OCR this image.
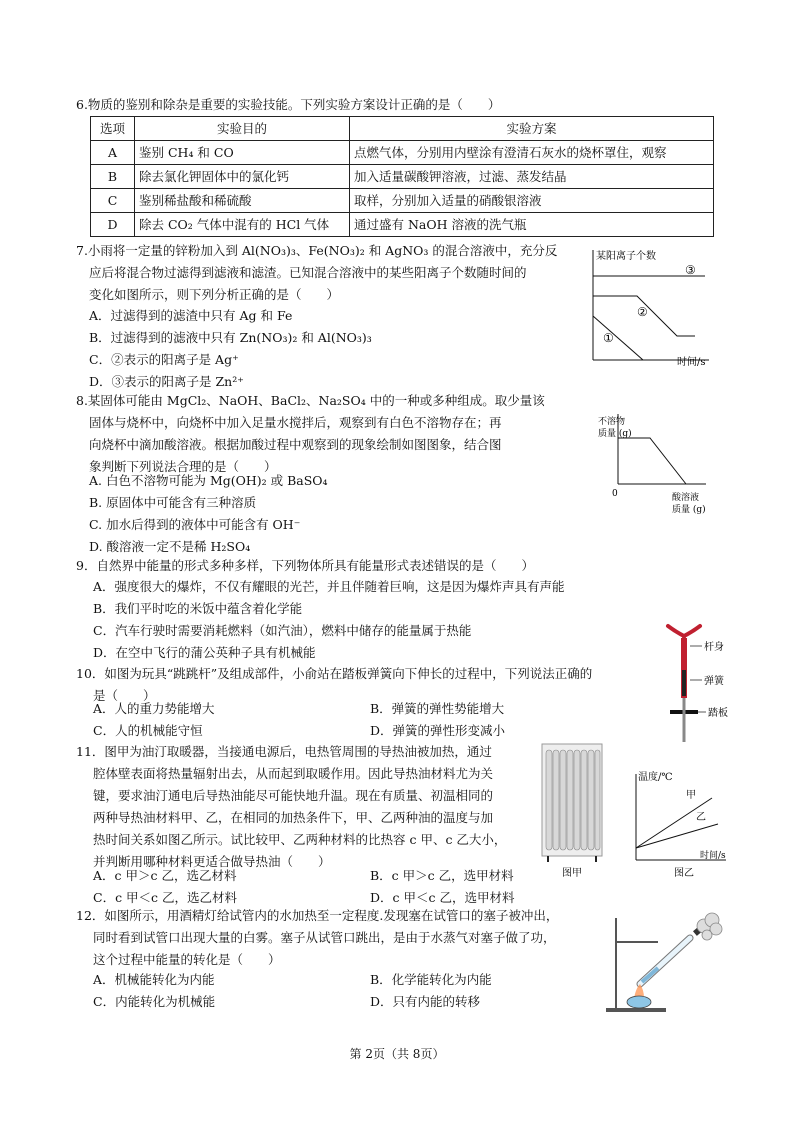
6.物质的鉴别和除杂是重要的实验技能。下列实验方案设计正确的是（　　）
选项	实验目的	实验方案
A	鉴别 CH₄ 和 CO	点燃气体，分别用内壁涂有澄清石灰水的烧杯罩住，观察
B	除去氯化钾固体中的氯化钙	加入适量碳酸钾溶液，过滤、蒸发结晶
C	鉴别稀盐酸和稀硫酸	取样，分别加入适量的硝酸银溶液
D	除去 CO₂ 气体中混有的 HCl 气体	通过盛有 NaOH 溶液的洗气瓶
7.小雨将一定量的锌粉加入到 Al(NO₃)₃、Fe(NO₃)₂ 和 AgNO₃ 的混合溶液中，充分反
应后将混合物过滤得到滤液和滤渣。已知混合溶液中的某些阳离子个数随时间的
变化如图所示，则下列分析正确的是（　　）
A．过滤得到的滤渣中只有 Ag 和 Fe
B．过滤得到的滤液中只有 Zn(NO₃)₂ 和 Al(NO₃)₃
C．②表示的阳离子是 Ag⁺
D．③表示的阳离子是 Zn²⁺
某阳离子个数
时间/s
③
②
①
8.某固体可能由 MgCl₂、NaOH、BaCl₂、Na₂SO₄ 中的一种或多种组成。取少量该
固体与烧杯中，向烧杯中加入足量水搅拌后，观察到有白色不溶物存在；再
向烧杯中滴加酸溶液。根据加酸过程中观察到的现象绘制如图图象，结合图
象判断下列说法合理的是（　　）
A. 白色不溶物可能为 Mg(OH)₂ 或 BaSO₄
B. 原固体中可能含有三种溶质
C. 加水后得到的液体中可能含有 OH⁻
D. 酸溶液一定不是稀 H₂SO₄
不溶物
质量 (g)
0	酸溶液
质量 (g)
9．自然界中能量的形式多种多样，下列物体所具有能量形式表述错误的是（　　）
A．强度很大的爆炸，不仅有耀眼的光芒，并且伴随着巨响，这是因为爆炸声具有声能
B．我们平时吃的米饭中蕴含着化学能
C．汽车行驶时需要消耗燃料（如汽油），燃料中储存的能量属于热能
D．在空中飞行的蒲公英种子具有机械能
10．如图为玩具“跳跳杆”及组成部件，小俞站在踏板弹簧向下伸长的过程中，下列说法正确的
是（　　）
A．人的重力势能增大	B．弹簧的弹性势能增大
C．人的机械能守恒	D．弹簧的弹性形变减小
杆身
弹簧
踏板
11．图甲为油汀取暖器，当接通电源后，电热管周围的导热油被加热，通过
腔体壁表面将热量辐射出去，从而起到取暖作用。因此导热油材料尤为关
键，要求油汀通电后导热油能尽可能快地升温。现在有质量、初温相同的
两种导热油材料甲、乙，在相同的加热条件下，甲、乙两种油的温度与加
热时间关系如图乙所示。试比较甲、乙两种材料的比热容 c 甲、c 乙大小，
并判断用哪种材料更适合做导热油（　　）
A．c 甲＞c 乙，选乙材料	B．c 甲＞c 乙，选甲材料
C．c 甲＜c 乙，选乙材料	D．c 甲＜c 乙，选甲材料
图甲
温度/℃
时间/s
甲
乙
图乙
12．如图所示，用酒精灯给试管内的水加热至一定程度.发现塞在试管口的塞子被冲出，
同时看到试管口出现大量的白雾。塞子从试管口跳出，是由于水蒸气对塞子做了功，
这个过程中能量的转化是（　　）
A．机械能转化为内能	B．化学能转化为内能
C．内能转化为机械能	D．只有内能的转移
第 2页（共 8页）
